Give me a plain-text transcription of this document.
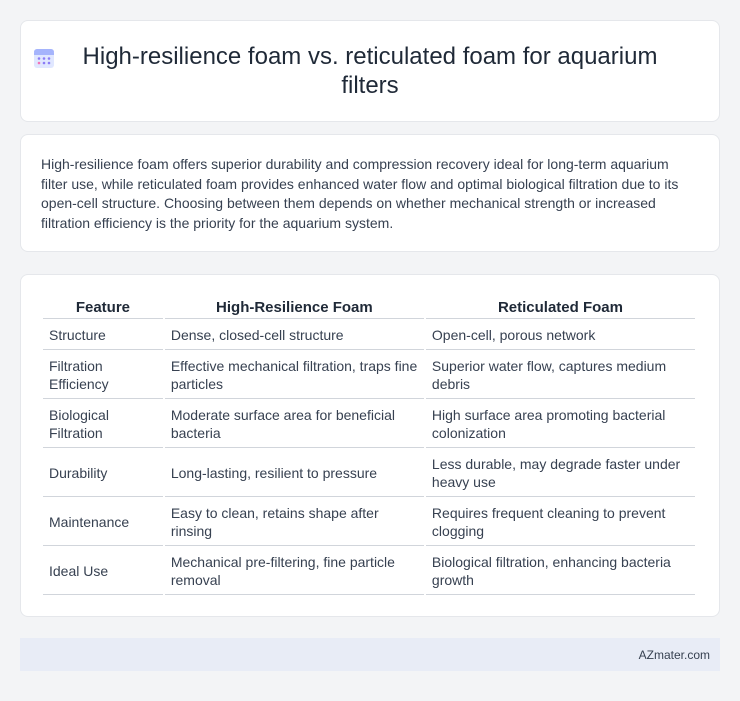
High-resilience foam vs. reticulated foam for aquarium filters

High-resilience foam offers superior durability and compression recovery ideal for long-term aquarium filter use, while reticulated foam provides enhanced water flow and optimal biological filtration due to its open-cell structure. Choosing between them depends on whether mechanical strength or increased filtration efficiency is the priority for the aquarium system.

Feature	High-Resilience Foam	Reticulated Foam
Structure	Dense, closed-cell structure	Open-cell, porous network
Filtration Efficiency	Effective mechanical filtration, traps fine particles	Superior water flow, captures medium debris
Biological Filtration	Moderate surface area for beneficial bacteria	High surface area promoting bacterial colonization
Durability	Long-lasting, resilient to pressure	Less durable, may degrade faster under heavy use
Maintenance	Easy to clean, retains shape after rinsing	Requires frequent cleaning to prevent clogging
Ideal Use	Mechanical pre-filtering, fine particle removal	Biological filtration, enhancing bacteria growth
AZmater.com
